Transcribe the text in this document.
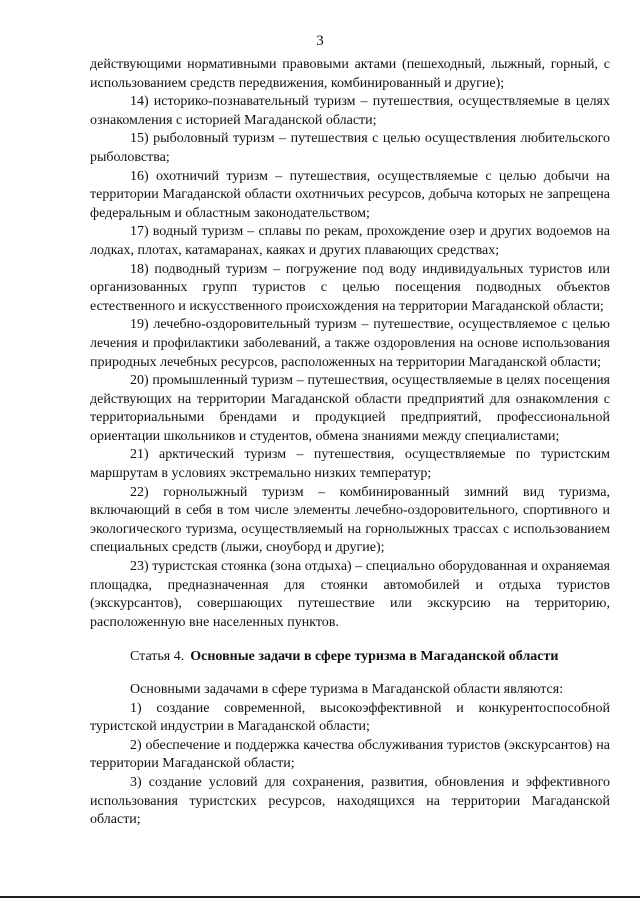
3

действующими нормативными правовыми актами (пешеходный, лыжный, горный, с использованием средств передвижения, комбинированный и другие);

14) историко-познавательный туризм – путешествия, осуществляемые в целях ознакомления с историей Магаданской области;

15) рыболовный туризм – путешествия с целью осуществления любительского рыболовства;

16) охотничий туризм – путешествия, осуществляемые с целью добычи на территории Магаданской области охотничьих ресурсов, добыча которых не запрещена федеральным и областным законодательством;

17) водный туризм – сплавы по рекам, прохождение озер и других водоемов на лодках, плотах, катамаранах, каяках и других плавающих средствах;

18) подводный туризм – погружение под воду индивидуальных туристов или организованных групп туристов с целью посещения подводных объектов естественного и искусственного происхождения на территории Магаданской области;

19) лечебно-оздоровительный туризм – путешествие, осуществляемое с целью лечения и профилактики заболеваний, а также оздоровления на основе использования природных лечебных ресурсов, расположенных на территории Магаданской области;

20) промышленный туризм – путешествия, осуществляемые в целях посещения действующих на территории Магаданской области предприятий для ознакомления с территориальными брендами и продукцией предприятий, профессиональной ориентации школьников и студентов, обмена знаниями между специалистами;

21) арктический туризм – путешествия, осуществляемые по туристским маршрутам в условиях экстремально низких температур;

22) горнолыжный туризм – комбинированный зимний вид туризма, включающий в себя в том числе элементы лечебно-оздоровительного, спортивного и экологического туризма, осуществляемый на горнолыжных трассах с использованием специальных средств (лыжи, сноуборд и другие);

23) туристская стоянка (зона отдыха) – специально оборудованная и охраняемая площадка, предназначенная для стоянки автомобилей и отдыха туристов (экскурсантов), совершающих путешествие или экскурсию на территорию, расположенную вне населенных пунктов.

Статья 4. Основные задачи в сфере туризма в Магаданской области

Основными задачами в сфере туризма в Магаданской области являются:

1) создание современной, высокоэффективной и конкурентоспособной туристской индустрии в Магаданской области;

2) обеспечение и поддержка качества обслуживания туристов (экскурсантов) на территории Магаданской области;

3) создание условий для сохранения, развития, обновления и эффективного использования туристских ресурсов, находящихся на территории Магаданской области;
